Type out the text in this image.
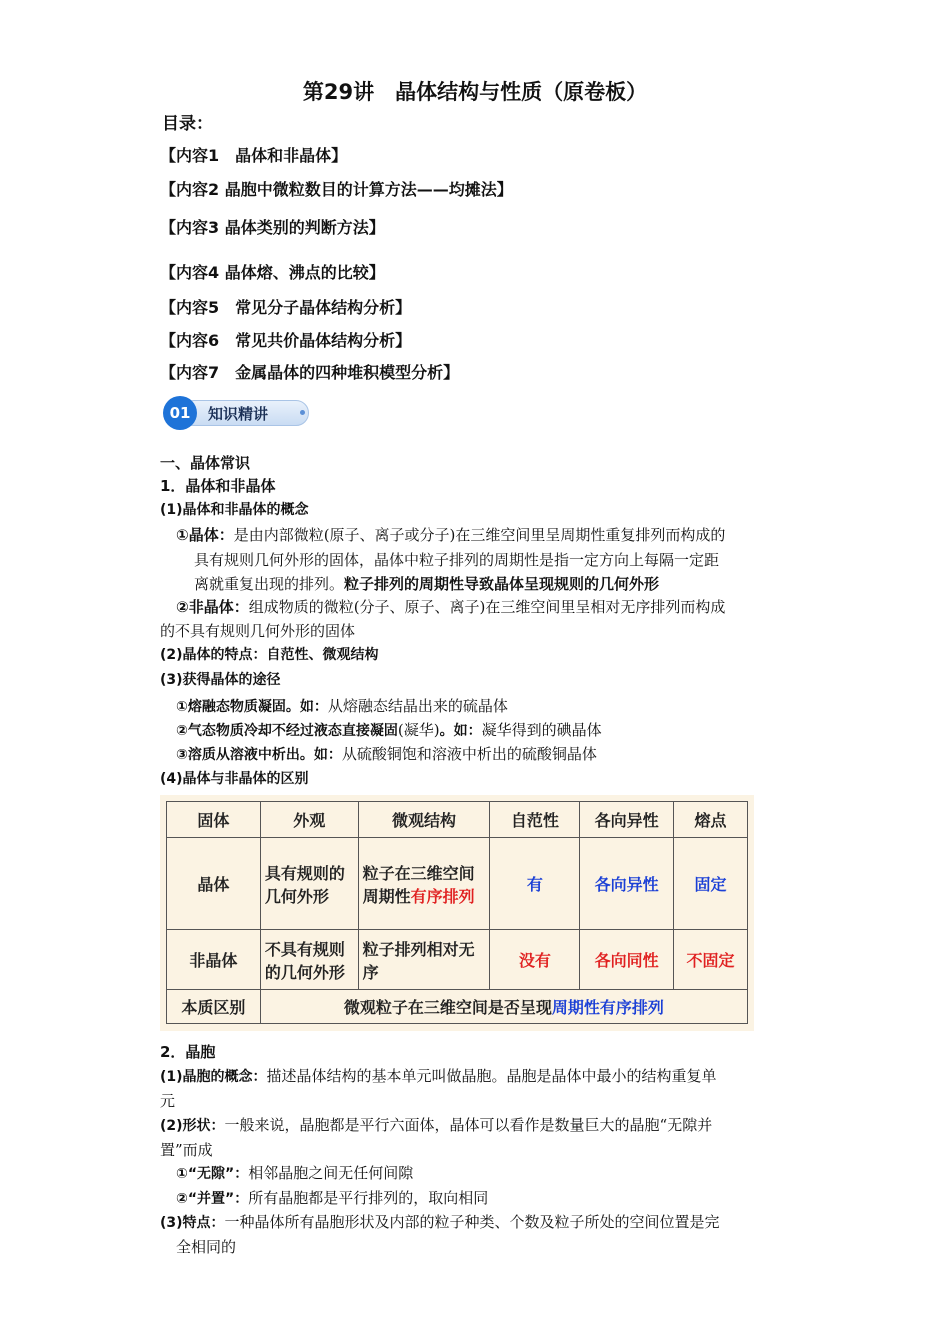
第29讲　晶体结构与性质（原卷板）
目录：
【内容1　晶体和非晶体】
【内容2 晶胞中微粒数目的计算方法——均摊法】
【内容3 晶体类别的判断方法】
【内容4 晶体熔、沸点的比较】
【内容5　常见分子晶体结构分析】
【内容6　常见共价晶体结构分析】
【内容7　金属晶体的四种堆积模型分析】
01	知识精讲
一、晶体常识
1．晶体和非晶体
(1)晶体和非晶体的概念
①晶体：是由内部微粒(原子、离子或分子)在三维空间里呈周期性重复排列而构成的
具有规则几何外形的固体，晶体中粒子排列的周期性是指一定方向上每隔一定距
离就重复出现的排列。粒子排列的周期性导致晶体呈现规则的几何外形
②非晶体：组成物质的微粒(分子、原子、离子)在三维空间里呈相对无序排列而构成
的不具有规则几何外形的固体
(2)晶体的特点：自范性、微观结构
(3)获得晶体的途径
①熔融态物质凝固。如：从熔融态结晶出来的硫晶体
②气态物质冷却不经过液态直接凝固(凝华)。如：凝华得到的碘晶体
③溶质从溶液中析出。如：从硫酸铜饱和溶液中析出的硫酸铜晶体
(4)晶体与非晶体的区别
固体	外观	微观结构	自范性	各向异性	熔点
晶体	具有规则的几何外形	粒子在三维空间周期性有序排列	有	各向异性	固定
非晶体	不具有规则的几何外形	粒子排列相对无序	没有	各向同性	不固定
本质区别	微观粒子在三维空间是否呈现周期性有序排列				
2．晶胞
(1)晶胞的概念：描述晶体结构的基本单元叫做晶胞。晶胞是晶体中最小的结构重复单
元
(2)形状：一般来说，晶胞都是平行六面体，晶体可以看作是数量巨大的晶胞“无隙并
置”而成
①“无隙”：相邻晶胞之间无任何间隙
②“并置”：所有晶胞都是平行排列的，取向相同
(3)特点：一种晶体所有晶胞形状及内部的粒子种类、个数及粒子所处的空间位置是完
全相同的
